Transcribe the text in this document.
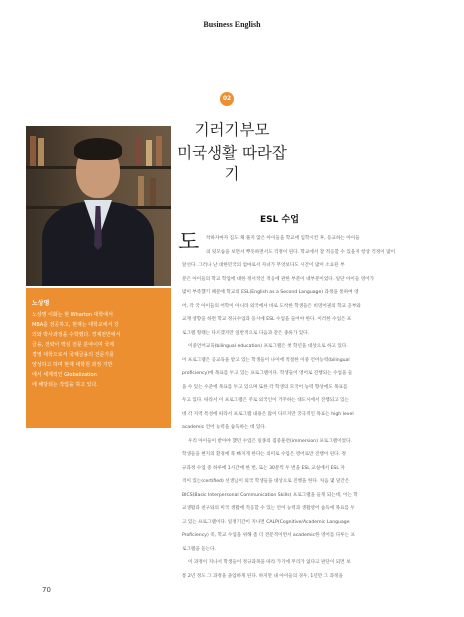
Business English
노상명
노상명 이화는 현 Wharton 대학에서
MBA를 전공하고, 현재는 대학교에서 강
의와 박사과정을 수학했다. 경제전반에서
금융, 전략이 핵심 전문 분야이며 국제
경영 대학으로서 국제금융의 전문가를
양성하고 하며 현재 대학원 과정 기반
에서 세계적인 Globalization
에 해당되는 작업을 하고 있다.
02
기러기부모
미국생활 따라잡기
ESL 수업
도 착하자마자 짐도 채 풀지 않은 아이들을 학교에 입학시킨 후, 등교하는 아이들
의 뒷모습을 보면서 뿌듯하면서도 걱정이 된다. 학교에서 잘 적응할 수 있을지 항상 걱정이 많이
앞선다. 그러나 난 대한민국의 엄마로서 자녀가 무엇보다도 시간이 많이 소요된 부
분은 아이들의 학교 학업에 대한 정서적인 적응에 관한 부분이 대부분이었다. 일단 아이들 영어가
많이 부족했기 때문에 학교의 ESL(English as a Second Language) 과정을 통하여 영
어, 각 국 아이들의 어학이 아니라 외국에서 바로 도착한 학생들은 비영어권의 학교 공부와
교재 영향을 하면 학교 정규수업과 동시에 ESL 수업을 들어야 한다. 이러한 수업은 프
로그램 형태는 다르겠지만 일반적으로 다음과 같은 종류가 있다.
이중언어교육(bilingual education) 프로그램은 첫 학년을 대상으로 하고 있다.
이 프로그램은 공교육을 받고 있는 학생들이 나이에 적절한 이중 언어능력(bilingual
proficiency)에 목표를 두고 있는 프로그램이다. 학생들이 영어로 진행되는 수업을 들
을 수 있는 수준에 목표를 두고 있으며 또한 각 학생의 모국어 능력 향상에도 목표를
두고 있다. 따라서 이 프로그램은 주로 외국인이 거주하는 대도시에서 진행되고 있는
데 각 지역 특성에 따라서 프로그램 내용은 많이 다르지만 궁극적인 목표는 high level
academic 언어 능력을 습득하는 데 있다.
우리 아이들이 받아야 했던 수업은 일종의 집중훈련(immersion) 프로그램이었다.
학생들을 현지의 환경에 푹 빠지게 한다는 의미로 수업은 영어로만 진행이 된다. 정
규과정 수업 중 하루에 1시간에 한 번, 또는 30분씩 두 번을 ESL 교실에서 ESL 자
격이 있는(certified) 선생님이 외국 학생들을 대상으로 진행을 한다. 처음 몇 달간은
BICS(Basic Interpersonal Communication Skills) 프로그램을 들게 되는데, 이는 학
교생활과 친구와의 미국 생활에 적응할 수 있는 언어 능력과 생활영어 습득에 목표를 두
고 있는 프로그램이다. 일정기간이 지나면 CALP(Cognitive/Academic Language
Proficiency) 즉, 학교 수업을 위해 좀 더 전문적이면서 academic한 영어를 다루는 프
로그램을 듣는다.
이 과정이 지나서 학생들이 정규과목을 따라 가기에 무리가 없다고 판단이 되면 보
통 2년 정도 그 과정을 졸업하게 된다. 하지만 내 아이들의 경우, 1년만 그 과정을
70
